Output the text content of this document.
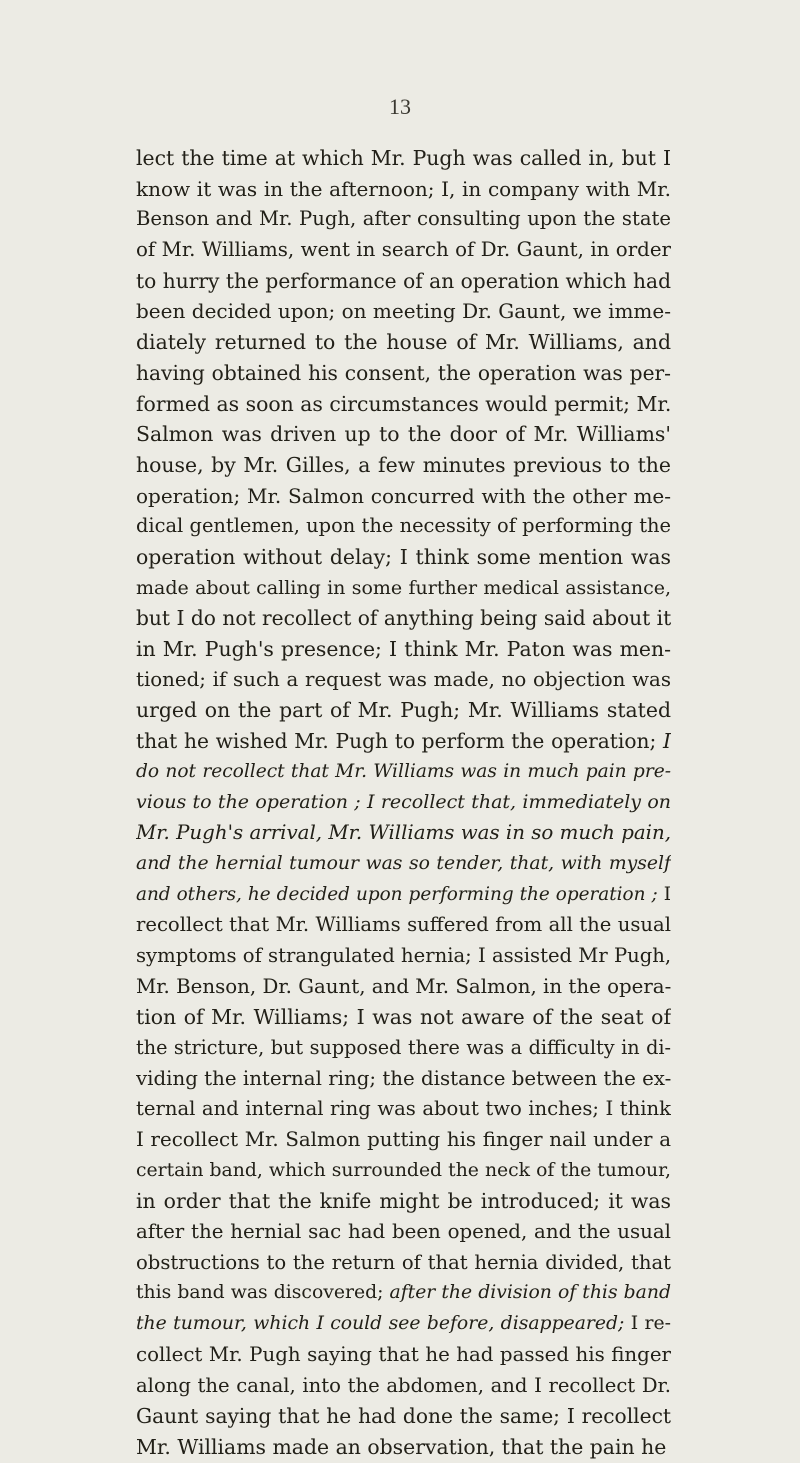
13
lect the time at which Mr. Pugh was called in, but I
know it was in the afternoon; I, in company with Mr.
Benson and Mr. Pugh, after consulting upon the state
of Mr. Williams, went in search of Dr. Gaunt, in order
to hurry the performance of an operation which had
been decided upon; on meeting Dr. Gaunt, we imme-
diately returned to the house of Mr. Williams, and
having obtained his consent, the operation was per-
formed as soon as circumstances would permit; Mr.
Salmon was driven up to the door of Mr. Williams'
house, by Mr. Gilles, a few minutes previous to the
operation; Mr. Salmon concurred with the other me-
dical gentlemen, upon the necessity of performing the
operation without delay; I think some mention was
made about calling in some further medical assistance,
but I do not recollect of anything being said about it
in Mr. Pugh's presence; I think Mr. Paton was men-
tioned; if such a request was made, no objection was
urged on the part of Mr. Pugh; Mr. Williams stated
that he wished Mr. Pugh to perform the operation; I
do not recollect that Mr. Williams was in much pain pre-
vious to the operation ; I recollect that, immediately on
Mr. Pugh's arrival, Mr. Williams was in so much pain,
and the hernial tumour was so tender, that, with myself
and others, he decided upon performing the operation ; I
recollect that Mr. Williams suffered from all the usual
symptoms of strangulated hernia; I assisted Mr Pugh,
Mr. Benson, Dr. Gaunt, and Mr. Salmon, in the opera-
tion of Mr. Williams; I was not aware of the seat of
the stricture, but supposed there was a difficulty in di-
viding the internal ring; the distance between the ex-
ternal and internal ring was about two inches; I think
I recollect Mr. Salmon putting his finger nail under a
certain band, which surrounded the neck of the tumour,
in order that the knife might be introduced; it was
after the hernial sac had been opened, and the usual
obstructions to the return of that hernia divided, that
this band was discovered; after the division of this band
the tumour, which I could see before, disappeared; I re-
collect Mr. Pugh saying that he had passed his finger
along the canal, into the abdomen, and I recollect Dr.
Gaunt saying that he had done the same; I recollect
Mr. Williams made an observation, that the pain he
